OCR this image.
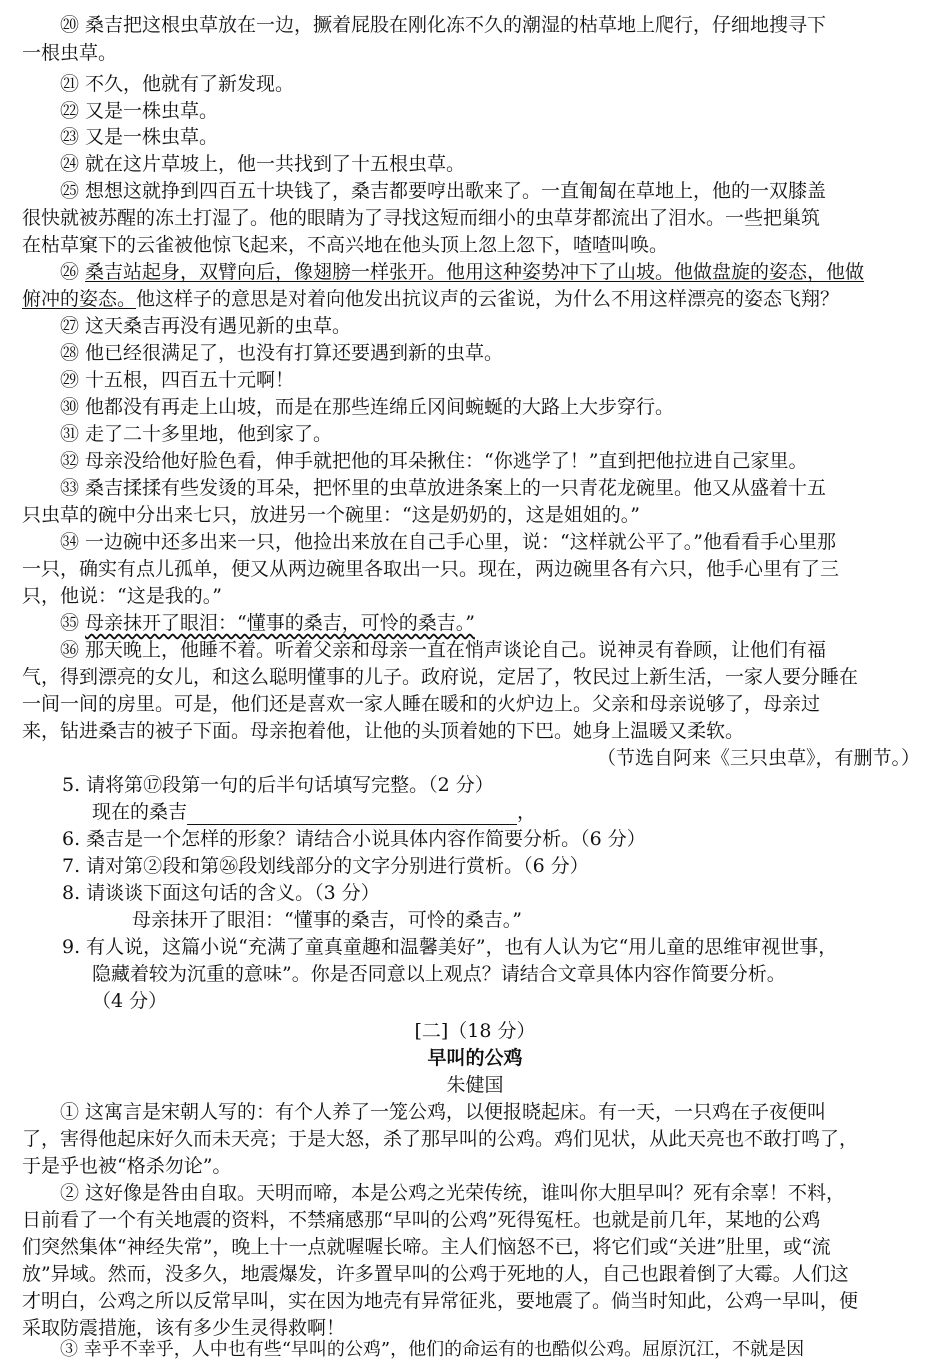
⑳ 桑吉把这根虫草放在一边，撅着屁股在刚化冻不久的潮湿的枯草地上爬行，仔细地搜寻下
一根虫草。
㉑ 不久，他就有了新发现。
㉒ 又是一株虫草。
㉓ 又是一株虫草。
㉔ 就在这片草坡上，他一共找到了十五根虫草。
㉕ 想想这就挣到四百五十块钱了，桑吉都要哼出歌来了。一直匍匐在草地上，他的一双膝盖
很快就被苏醒的冻土打湿了。他的眼睛为了寻找这短而细小的虫草芽都流出了泪水。一些把巢筑
在枯草窠下的云雀被他惊飞起来，不高兴地在他头顶上忽上忽下，喳喳叫唤。
㉖ 桑吉站起身，双臂向后，像翅膀一样张开。他用这种姿势冲下了山坡。他做盘旋的姿态，他做
俯冲的姿态。他这样子的意思是对着向他发出抗议声的云雀说，为什么不用这样漂亮的姿态飞翔？
㉗ 这天桑吉再没有遇见新的虫草。
㉘ 他已经很满足了，也没有打算还要遇到新的虫草。
㉙ 十五根，四百五十元啊！
㉚ 他都没有再走上山坡，而是在那些连绵丘冈间蜿蜒的大路上大步穿行。
㉛ 走了二十多里地，他到家了。
㉜ 母亲没给他好脸色看，伸手就把他的耳朵揪住：“你逃学了！”直到把他拉进自己家里。
㉝ 桑吉揉揉有些发烫的耳朵，把怀里的虫草放进条案上的一只青花龙碗里。他又从盛着十五
只虫草的碗中分出来七只，放进另一个碗里：“这是奶奶的，这是姐姐的。”
㉞ 一边碗中还多出来一只，他捡出来放在自己手心里，说：“这样就公平了。”他看看手心里那
一只，确实有点儿孤单，便又从两边碗里各取出一只。现在，两边碗里各有六只，他手心里有了三
只，他说：“这是我的。”
㉟ 母亲抹开了眼泪：“懂事的桑吉，可怜的桑吉。”
㊱ 那天晚上，他睡不着。听着父亲和母亲一直在悄声谈论自己。说神灵有眷顾，让他们有福
气，得到漂亮的女儿，和这么聪明懂事的儿子。政府说，定居了，牧民过上新生活，一家人要分睡在
一间一间的房里。可是，他们还是喜欢一家人睡在暖和的火炉边上。父亲和母亲说够了，母亲过
来，钻进桑吉的被子下面。母亲抱着他，让他的头顶着她的下巴。她身上温暖又柔软。
（节选自阿来《三只虫草》，有删节。）
5. 请将第⑰段第一句的后半句话填写完整。（2 分）
现在的桑吉	，
6. 桑吉是一个怎样的形象？请结合小说具体内容作简要分析。（6 分）
7. 请对第②段和第㉖段划线部分的文字分别进行赏析。（6 分）
8. 请谈谈下面这句话的含义。（3 分）
母亲抹开了眼泪：“懂事的桑吉，可怜的桑吉。”
9. 有人说，这篇小说“充满了童真童趣和温馨美好”，也有人认为它“用儿童的思维审视世事，
隐藏着较为沉重的意味”。你是否同意以上观点？请结合文章具体内容作简要分析。
（4 分）
[二]（18 分）
早叫的公鸡
朱健国
① 这寓言是宋朝人写的：有个人养了一笼公鸡，以便报晓起床。有一天，一只鸡在子夜便叫
了，害得他起床好久而未天亮；于是大怒，杀了那早叫的公鸡。鸡们见状，从此天亮也不敢打鸣了，
于是乎也被“格杀勿论”。
② 这好像是咎由自取。天明而啼，本是公鸡之光荣传统，谁叫你大胆早叫？死有余辜！不料，
日前看了一个有关地震的资料，不禁痛感那“早叫的公鸡”死得冤枉。也就是前几年，某地的公鸡
们突然集体“神经失常”，晚上十一点就喔喔长啼。主人们恼怒不已，将它们或“关进”肚里，或“流
放”异域。然而，没多久，地震爆发，许多置早叫的公鸡于死地的人，自己也跟着倒了大霉。人们这
才明白，公鸡之所以反常早叫，实在因为地壳有异常征兆，要地震了。倘当时知此，公鸡一早叫，便
采取防震措施，该有多少生灵得救啊！
③ 幸乎不幸乎，人中也有些“早叫的公鸡”，他们的命运有的也酷似公鸡。屈原沉江，不就是因
